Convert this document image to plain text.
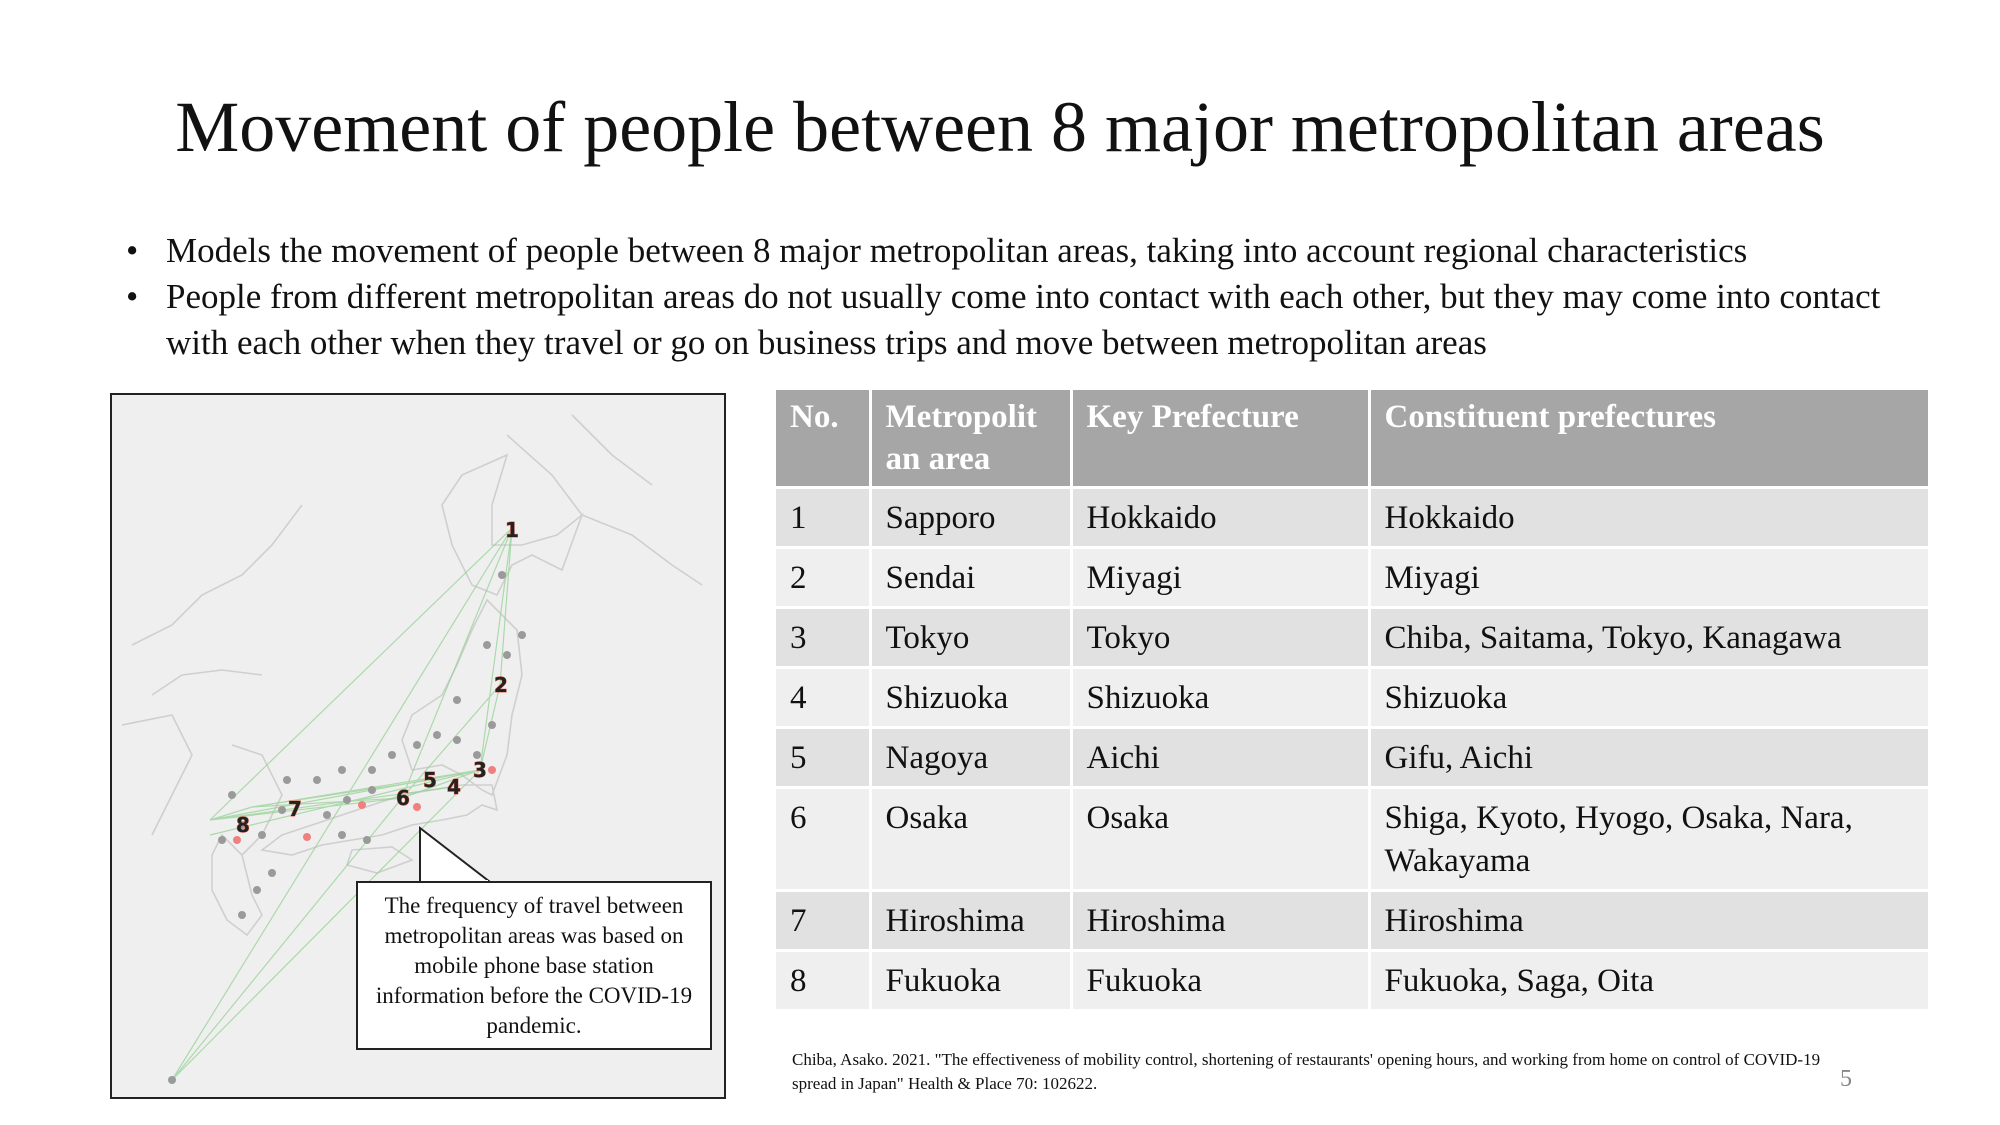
Movement of people between 8 major metropolitan areas
• Models the movement of people between 8 major metropolitan areas, taking into account regional characteristics
• People from different metropolitan areas do not usually come into contact with each other, but they may come into contact with each other when they travel or go on business trips and move between metropolitan areas
1
2
3
4
5
6
7
8
The frequency of travel between metropolitan areas was based on mobile phone base station information before the COVID-19 pandemic.
No.	Metropolit an area	Key Prefecture	Constituent prefectures
1	Sapporo	Hokkaido	Hokkaido
2	Sendai	Miyagi	Miyagi
3	Tokyo	Tokyo	Chiba, Saitama, Tokyo, Kanagawa
4	Shizuoka	Shizuoka	Shizuoka
5	Nagoya	Aichi	Gifu, Aichi
6	Osaka	Osaka	Shiga, Kyoto, Hyogo, Osaka, Nara, Wakayama
7	Hiroshima	Hiroshima	Hiroshima
8	Fukuoka	Fukuoka	Fukuoka, Saga, Oita

Chiba, Asako. 2021. "The effectiveness of mobility control, shortening of restaurants' opening hours, and working from home on control of COVID-19 spread in Japan" Health & Place 70: 102622.	5
